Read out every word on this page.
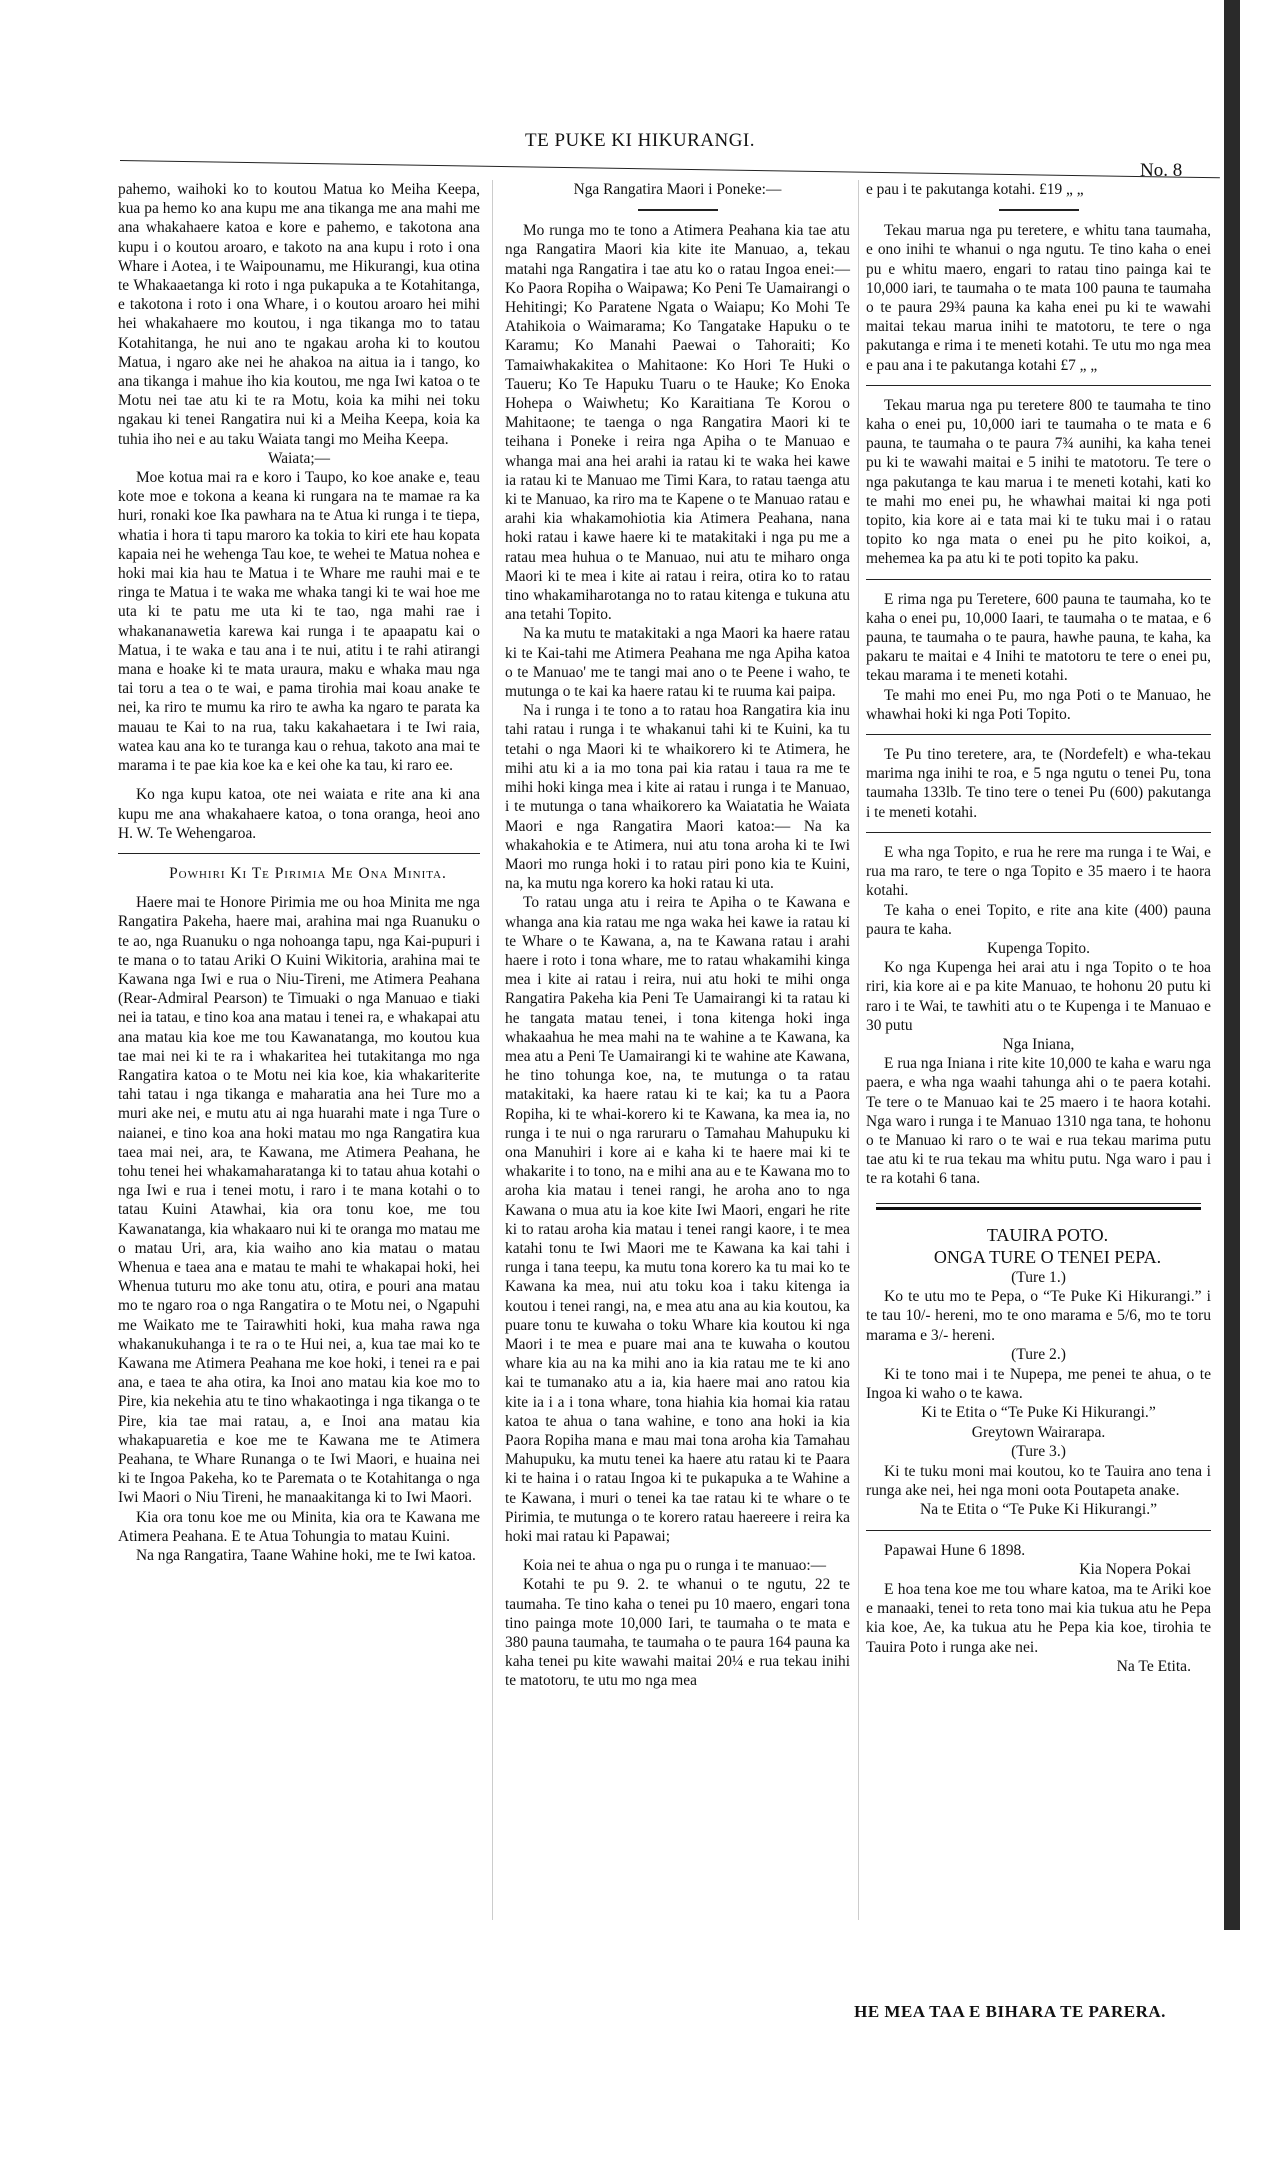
TE PUKE KI HIKURANGI.
No. 8

pahemo, waihoki ko to koutou Matua ko Meiha Keepa, kua pa hemo ko ana kupu me ana tikanga me ana mahi me ana whakahaere katoa e kore e pahemo, e takotona ana kupu i o koutou aroaro, e takoto na ana kupu i roto i ona Whare i Aotea, i te Waipounamu, me Hikurangi, kua otina te Whakaaetanga ki roto i nga pukapuka a te Kotahitanga, e takotona i roto i ona Whare, i o koutou aroaro hei mihi hei whakahaere mo koutou, i nga tikanga mo to tatau Kotahitanga, he nui ano te ngakau aroha ki to koutou Matua, i ngaro ake nei he ahakoa na aitua ia i tango, ko ana tikanga i mahue iho kia koutou, me nga Iwi katoa o te Motu nei tae atu ki te ra Motu, koia ka mihi nei toku ngakau ki tenei Rangatira nui ki a Meiha Keepa, koia ka tuhia iho nei e au taku Waiata tangi mo Meiha Keepa.

Waiata;—

Moe kotua mai ra e koro i Taupo, ko koe anake e, teau kote moe e tokona a keana ki rungara na te mamae ra ka huri, ronaki koe Ika pawhara na te Atua ki runga i te tiepa, whatia i hora ti tapu maroro ka tokia to kiri ete hau kopata kapaia nei he wehenga Tau koe, te wehei te Matua nohea e hoki mai kia hau te Matua i te Whare me rauhi mai e te ringa te Matua i te waka me whaka tangi ki te wai hoe me uta ki te patu me uta ki te tao, nga mahi rae i whakananawetia karewa kai runga i te apaapatu kai o Matua, i te waka e tau ana i te nui, atitu i te rahi atirangi mana e hoake ki te mata uraura, maku e whaka mau nga tai toru a tea o te wai, e pama tirohia mai koau anake te nei, ka riro te mumu ka riro te awha ka ngaro te parata ka mauau te Kai to na rua, taku kakahaetara i te Iwi raia, watea kau ana ko te turanga kau o rehua, takoto ana mai te marama i te pae kia koe ka e kei ohe ka tau, ki raro ee.

Ko nga kupu katoa, ote nei waiata e rite ana ki ana kupu me ana whakahaere katoa, o tona oranga, heoi ano H. W. Te Wehengaroa.

Powhiri Ki Te Pirimia Me Ona Minita.

Haere mai te Honore Pirimia me ou hoa Minita me nga Rangatira Pakeha, haere mai, arahina mai nga Ruanuku o te ao, nga Ruanuku o nga nohoanga tapu, nga Kai-pupuri i te mana o to tatau Ariki O Kuini Wikitoria, arahina mai te Kawana nga Iwi e rua o Niu-Tireni, me Atimera Peahana (Rear-Admiral Pearson) te Timuaki o nga Manuao e tiaki nei ia tatau, e tino koa ana matau i tenei ra, e whakapai atu ana matau kia koe me tou Kawanatanga, mo koutou kua tae mai nei ki te ra i whakaritea hei tutakitanga mo nga Rangatira katoa o te Motu nei kia koe, kia whakariterite tahi tatau i nga tikanga e maharatia ana hei Ture mo a muri ake nei, e mutu atu ai nga huarahi mate i nga Ture o naianei, e tino koa ana hoki matau mo nga Rangatira kua taea mai nei, ara, te Kawana, me Atimera Peahana, he tohu tenei hei whakamaharatanga ki to tatau ahua kotahi o nga Iwi e rua i tenei motu, i raro i te mana kotahi o to tatau Kuini Atawhai, kia ora tonu koe, me tou Kawanatanga, kia whakaaro nui ki te oranga mo matau me o matau Uri, ara, kia waiho ano kia matau o matau Whenua e taea ana e matau te mahi te whakapai hoki, hei Whenua tuturu mo ake tonu atu, otira, e pouri ana matau mo te ngaro roa o nga Rangatira o te Motu nei, o Ngapuhi me Waikato me te Tairawhiti hoki, kua maha rawa nga whakanukuhanga i te ra o te Hui nei, a, kua tae mai ko te Kawana me Atimera Peahana me koe hoki, i tenei ra e pai ana, e taea te aha otira, ka Inoi ano matau kia koe mo to Pire, kia nekehia atu te tino whakaotinga i nga tikanga o te Pire, kia tae mai ratau, a, e Inoi ana matau kia whakapuaretia e koe me te Kawana me te Atimera Peahana, te Whare Runanga o te Iwi Maori, e huaina nei ki te Ingoa Pakeha, ko te Paremata o te Kotahitanga o nga Iwi Maori o Niu Tireni, he manaakitanga ki to Iwi Maori.

Kia ora tonu koe me ou Minita, kia ora te Kawana me Atimera Peahana. E te Atua Tohungia to matau Kuini.

Na nga Rangatira, Taane Wahine hoki, me te Iwi katoa.

Nga Rangatira Maori i Poneke:—

Mo runga mo te tono a Atimera Peahana kia tae atu nga Rangatira Maori kia kite ite Manuao, a, tekau matahi nga Rangatira i tae atu ko o ratau Ingoa enei:— Ko Paora Ropiha o Waipawa; Ko Peni Te Uamairangi o Hehitingi; Ko Paratene Ngata o Waiapu; Ko Mohi Te Atahikoia o Waimarama; Ko Tangatake Hapuku o te Karamu; Ko Manahi Paewai o Tahoraiti; Ko Tamaiwhakakitea o Mahitaone: Ko Hori Te Huki o Tauеru; Ko Te Hapuku Tuaru o te Hauke; Ko Enoka Hohepa o Waiwhetu; Ko Karaitiana Te Korou o Mahitaone; te taenga o nga Rangatira Maori ki te teihana i Poneke i reira nga Apiha o te Manuao e whanga mai ana hei arahi ia ratau ki te waka hei kawe ia ratau ki te Manuao me Timi Kara, to ratau taenga atu ki te Manuao, ka riro ma te Kapene o te Manuao ratau e arahi kia whakamohiotia kia Atimera Peahana, nana hoki ratau i kawe haere ki te matakitaki i nga pu me a ratau mea huhua o te Manuao, nui atu te miharo onga Maori ki te mea i kite ai ratau i reira, otira ko to ratau tino whakamiharotanga no to ratau kitenga e tukuna atu ana tetahi Topito.

Na ka mutu te matakitaki a nga Maori ka haere ratau ki te Kai-tahi me Atimera Peahana me nga Apiha katoa o te Manuao' me te tangi mai ano o te Peene i waho, te mutunga o te kai ka haere ratau ki te ruuma kai paipa.

Na i runga i te tono a to ratau hoa Rangatira kia inu tahi ratau i runga i te whakanui tahi ki te Kuini, ka tu tetahi o nga Maori ki te whaikorero ki te Atimera, he mihi atu ki a ia mo tona pai kia ratau i taua ra me te mihi hoki kinga mea i kite ai ratau i runga i te Manuao, i te mutunga o tana whaikorero ka Waiatatia he Waiata Maori e nga Rangatira Maori katoa:— Na ka whakahokia e te Atimera, nui atu tona aroha ki te Iwi Maori mo runga hoki i to ratau piri pono kia te Kuini, na, ka mutu nga korero ka hoki ratau ki uta.

To ratau unga atu i reira te Apiha o te Kawana e whanga ana kia ratau me nga waka hei kawe ia ratau ki te Whare o te Kawana, a, na te Kawana ratau i arahi haere i roto i tona whare, me to ratau whakamihi kinga mea i kite ai ratau i reira, nui atu hoki te mihi onga Rangatira Pakeha kia Peni Te Uamairangi ki ta ratau ki he tangata matau tenei, i tona kitenga hoki inga whakaahua he mea mahi na te wahine a te Kawana, ka mea atu a Peni Te Uamairangi ki te wahine ate Kawana, he tino tohunga koe, na, te mutunga o ta ratau matakitaki, ka haere ratau ki te kai; ka tu a Paora Ropiha, ki te whai-korero ki te Kawana, ka mea ia, no runga i te nui o nga raruraru o Tamahau Mahupuku ki ona Manuhiri i kore ai e kaha ki te haere mai ki te whakarite i to tono, na e mihi ana au e te Kawana mo to aroha kia matau i tenei rangi, he aroha ano to nga Kawana o mua atu ia koe kite Iwi Maori, engari he rite ki to ratau aroha kia matau i tenei rangi kaore, i te mea katahi tonu te Iwi Maori me te Kawana ka kai tahi i runga i tana teepu, ka mutu tona korero ka tu mai ko te Kawana ka mea, nui atu toku koa i taku kitenga ia koutou i tenei rangi, na, e mea atu ana au kia koutou, ka puare tonu te kuwaha o toku Whare kia koutou ki nga Maori i te mea e puare mai ana te kuwaha o koutou whare kia au na ka mihi ano ia kia ratau me te ki ano kai te tumanako atu a ia, kia haere mai ano ratou kia kite ia i a i tona whare, tona hiahia kia homai kia ratau katoa te ahua o tana wahine, e tono ana hoki ia kia Paora Ropiha mana e mau mai tona aroha kia Tamahau Mahupuku, ka mutu tenei ka haere atu ratau ki te Paara ki te haina i o ratau Ingoa ki te pukapuka a te Wahine a te Kawana, i muri o tenei ka tae ratau ki te whare o te Pirimia, te mutunga o te korero ratau haereere i reira ka hoki mai ratau ki Papawai;

Koia nei te ahua o nga pu o runga i te manuao:—

Kotahi te pu 9. 2. te whanui o te ngutu, 22 te taumaha. Te tino kaha o tenei pu 10 maero, engari tona tino painga mote 10,000 Iari, te taumaha o te mata e 380 pauna taumaha, te taumaha o te paura 164 pauna ka kaha tenei pu kite wawahi maitai 20¼ e rua tekau inihi te matotoru, te utu mo nga mea

e pau i te pakutanga kotahi. £19 „ „

Tekau marua nga pu teretere, e whitu tana taumaha, e ono inihi te whanui o nga ngutu. Te tino kaha o enei pu e whitu maero, engari to ratau tino painga kai te 10,000 iari, te taumaha o te mata 100 pauna te taumaha o te paura 29¾ pauna ka kaha enei pu ki te wawahi maitai tekau marua inihi te matotoru, te tere o nga pakutanga e rima i te meneti kotahi. Te utu mo nga mea e pau ana i te pakutanga kotahi £7 „ „

Tekau marua nga pu teretere 800 te taumaha te tino kaha o enei pu, 10,000 iari te taumaha o te mata e 6 pauna, te taumaha o te paura 7¾ aunihi, ka kaha tenei pu ki te wawahi maitai e 5 inihi te matotoru. Te tere o nga pakutanga te kau marua i te meneti kotahi, kati ko te mahi mo enei pu, he whawhai maitai ki nga poti topito, kia kore ai e tata mai ki te tuku mai i o ratau topito ko nga mata o enei pu he pito koikoi, a, mehemea ka pa atu ki te poti topito ka paku.

E rima nga pu Teretere, 600 pauna te taumaha, ko te kaha o enei pu, 10,000 Iaari, te taumaha o te mataa, e 6 pauna, te taumaha o te paura, hawhe pauna, te kaha, ka pakaru te maitai e 4 Inihi te matotoru te tere o enei pu, tekau marama i te meneti kotahi.

Te mahi mo enei Pu, mo nga Poti o te Manuao, he whawhai hoki ki nga Poti Topito.

Te Pu tino teretere, ara, te (Nordefelt) e wha-tekau marima nga inihi te roa, e 5 nga ngutu o tenei Pu, tona taumaha 133lb. Te tino tere o tenei Pu (600) pakutanga i te meneti kotahi.

E wha nga Topito, e rua he rere ma runga i te Wai, e rua ma raro, te tere o nga Topito e 35 maero i te haora kotahi.

Te kaha o enei Topito, e rite ana kite (400) pauna paura te kaha.

Kupenga Topito.

Ko nga Kupenga hei arai atu i nga Topito o te hoa riri, kia kore ai e pa kite Manuao, te hohonu 20 putu ki raro i te Wai, te tawhiti atu o te Kupenga i te Manuao e 30 putu

Nga Iniana,

E rua nga Iniana i rite kite 10,000 te kaha e waru nga paera, e wha nga waahi tahunga ahi o te paera kotahi. Te tere o te Manuao kai te 25 maero i te haora kotahi. Nga waro i runga i te Manuao 1310 nga tana, te hohonu o te Manuao ki raro o te wai e rua tekau marima putu tae atu ki te rua tekau ma whitu putu. Nga waro i pau i te ra kotahi 6 tana.

TAUIRA POTO.

ONGA TURE O TENEI PEPA.

(Ture 1.)

Ko te utu mo te Pepa, o “Te Puke Ki Hikurangi.” i te tau 10/- hereni, mo te ono marama e 5/6, mo te toru marama e 3/- hereni.

(Ture 2.)

Ki te tono mai i te Nupepa, me penei te ahua, o te Ingoa ki waho o te kawa.

Ki te Etita o “Te Puke Ki Hikurangi.”

Greytown Wairarapa.

(Ture 3.)

Ki te tuku moni mai koutou, ko te Tauira ano tena i runga ake nei, hei nga moni oota Poutapeta anake.

Na te Etita o “Te Puke Ki Hikurangi.”

Papawai Hune 6 1898.

Kia Nopera Pokai

E hoa tena koe me tou whare katoa, ma te Ariki koe e manaaki, tenei to reta tono mai kia tukua atu he Pepa kia koe, Ae, ka tukua atu he Pepa kia koe, tirohia te Tauira Poto i runga ake nei.

Na Te Etita.

HE MEA TAA E BIHARA TE PARERA.
